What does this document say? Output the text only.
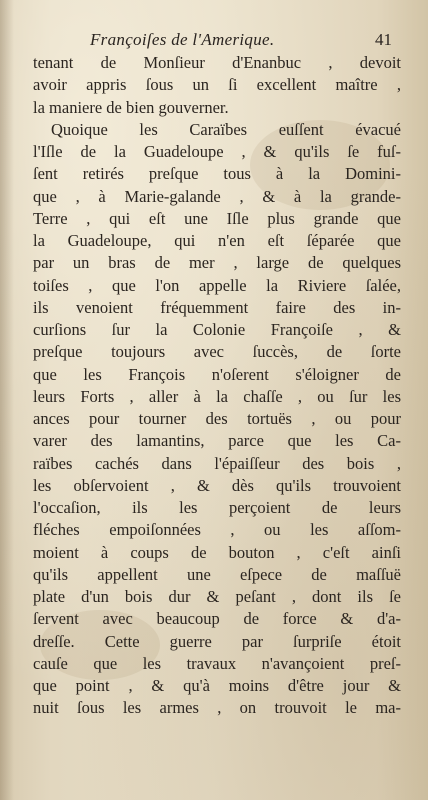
Françoiſes de l'Amerique.	41
tenant de Monſieur d'Enanbuc , devoit
avoir appris ſous un ſi excellent maître ,
la maniere de bien gouverner.
Quoique les Caraïbes euſſent évacué
l'Iſle de la Guadeloupe , & qu'ils ſe fuſ-
ſent retirés preſque tous à la Domini-
que , à Marie-galande , & à la grande-
Terre , qui eſt une Iſle plus grande que
la Guadeloupe, qui n'en eſt ſéparée que
par un bras de mer , large de quelques
toiſes , que l'on appelle la Riviere ſalée,
ils venoient fréquemment faire des in-
curſions ſur la Colonie Françoiſe , &
preſque toujours avec ſuccès, de ſorte
que les François n'oſerent s'éloigner de
leurs Forts , aller à la chaſſe , ou ſur les
ances pour tourner des tortuës , ou pour
varer des lamantins, parce que les Ca-
raïbes cachés dans l'épaiſſeur des bois ,
les obſervoient , & dès qu'ils trouvoient
l'occaſion, ils les perçoient de leurs
fléches empoiſonnées , ou les aſſom-
moient à coups de bouton , c'eſt ainſi
qu'ils appellent une eſpece de maſſuë
plate d'un bois dur & peſant , dont ils ſe
ſervent avec beaucoup de force & d'a-
dreſſe. Cette guerre par ſurpriſe étoit
cauſe que les travaux n'avançoient preſ-
que point , & qu'à moins d'être jour &
nuit ſous les armes , on trouvoit le ma-
